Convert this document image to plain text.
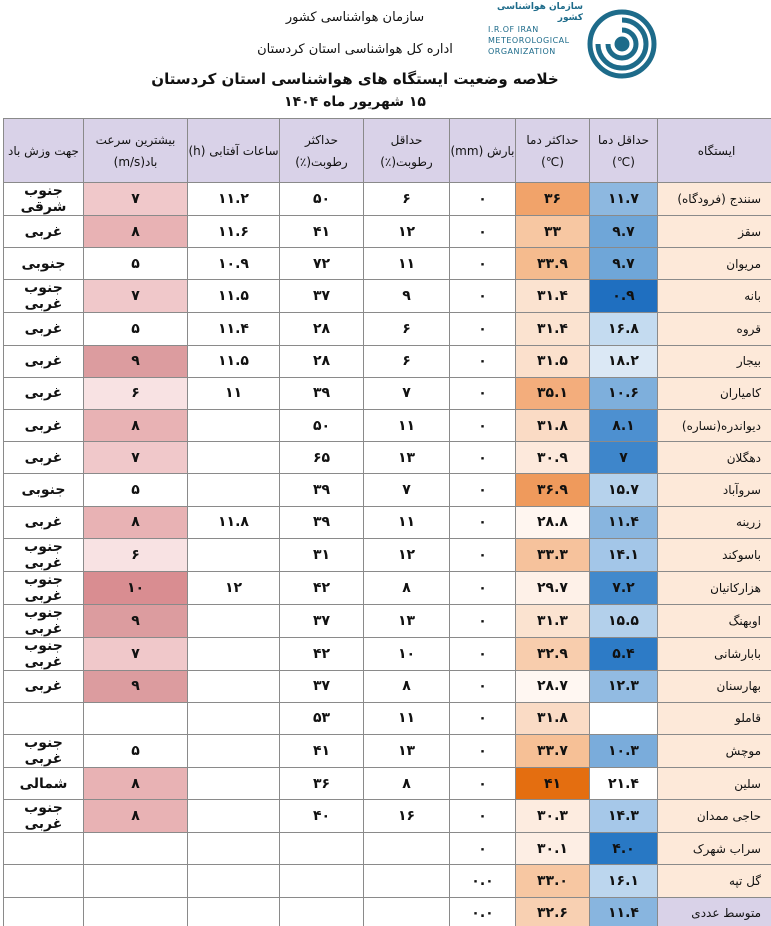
سازمان هواشناسی کشور
اداره کل هواشناسی استان کردستان
خلاصه وضعیت ایستگاه های هواشناسی استان کردستان
۱۵ شهریور ماه ۱۴۰۴
سازمان هواشناسی کشور
I.R.OF IRAN
METEOROLOGICAL
ORGANIZATION
ایستگاه	حداقل دما (℃)	حداکثر دما (℃)	بارش (mm)	حداقل رطوبت(٪)	حداکثر رطوبت(٪)	ساعات آفتابی (h)	بیشترین سرعت باد(m/s)	جهت وزش باد
سنندج (فرودگاه)	۱۱.۷	۳۶	۰	۶	۵۰	۱۱.۲	۷	جنوب شرقی
سقز	۹.۷	۳۳	۰	۱۲	۴۱	۱۱.۶	۸	غربی
مریوان	۹.۷	۳۳.۹	۰	۱۱	۷۲	۱۰.۹	۵	جنوبی
بانه	۰.۹	۳۱.۴	۰	۹	۳۷	۱۱.۵	۷	جنوب غربی
قروه	۱۶.۸	۳۱.۴	۰	۶	۲۸	۱۱.۴	۵	غربی
بیجار	۱۸.۲	۳۱.۵	۰	۶	۲۸	۱۱.۵	۹	غربی
کامیاران	۱۰.۶	۳۵.۱	۰	۷	۳۹	۱۱	۶	غربی
دیواندره(نساره)	۸.۱	۳۱.۸	۰	۱۱	۵۰		۸	غربی
دهگلان	۷	۳۰.۹	۰	۱۳	۶۵		۷	غربی
سروآباد	۱۵.۷	۳۶.۹	۰	۷	۳۹		۵	جنوبی
زرینه	۱۱.۴	۲۸.۸	۰	۱۱	۳۹	۱۱.۸	۸	غربی
باسوکند	۱۴.۱	۳۳.۳	۰	۱۲	۳۱		۶	جنوب غربی
هزارکانیان	۷.۲	۲۹.۷	۰	۸	۴۲	۱۲	۱۰	جنوب غربی
اوبهنگ	۱۵.۵	۳۱.۳	۰	۱۳	۳۷		۹	جنوب غربی
بابارشانی	۵.۴	۳۲.۹	۰	۱۰	۴۲		۷	جنوب غربی
بهارسنان	۱۲.۳	۲۸.۷	۰	۸	۳۷		۹	غربی
قاملو		۳۱.۸	۰	۱۱	۵۳			
موچش	۱۰.۳	۳۳.۷	۰	۱۳	۴۱		۵	جنوب غربی
سلین	۲۱.۴	۴۱	۰	۸	۳۶		۸	شمالی
حاجی ممدان	۱۴.۳	۳۰.۳	۰	۱۶	۴۰		۸	جنوب غربی
سراب شهرک	۴.۰	۳۰.۱	۰					
گل تپه	۱۶.۱	۳۳.۰	۰.۰					
متوسط عددی	۱۱.۴	۳۲.۶	۰.۰					
